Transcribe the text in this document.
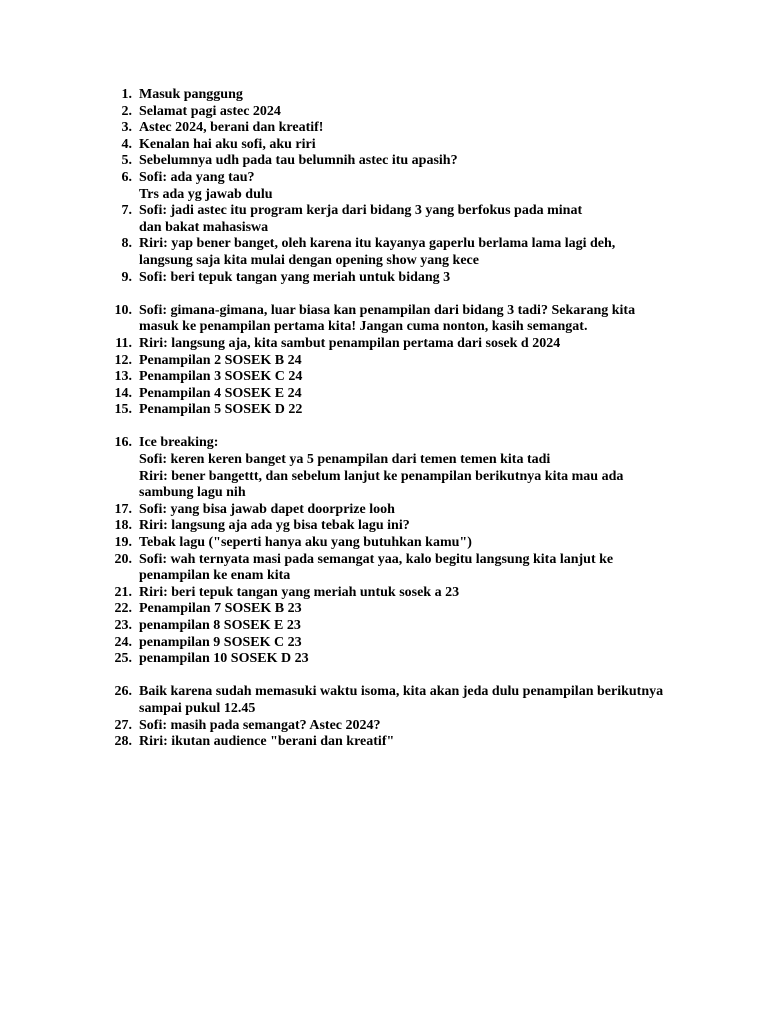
1. Masuk panggung
2. Selamat pagi astec 2024
3. Astec 2024, berani dan kreatif!
4. Kenalan hai aku sofi, aku riri
5. Sebelumnya udh pada tau belumnih astec itu apasih?
6. Sofi: ada yang tau?
Trs ada yg jawab dulu
7. Sofi: jadi astec itu program kerja dari bidang 3 yang berfokus pada minat
dan bakat mahasiswa
8. Riri: yap bener banget, oleh karena itu kayanya gaperlu berlama lama lagi deh,
langsung saja kita mulai dengan opening show yang kece
9. Sofi: beri tepuk tangan yang meriah untuk bidang 3
10. Sofi: gimana-gimana, luar biasa kan penampilan dari bidang 3 tadi? Sekarang kita
masuk ke penampilan pertama kita! Jangan cuma nonton, kasih semangat.
11. Riri: langsung aja, kita sambut penampilan pertama dari sosek d 2024
12. Penampilan 2 SOSEK B 24
13. Penampilan 3 SOSEK C 24
14. Penampilan 4 SOSEK E 24
15. Penampilan 5 SOSEK D 22
16. Ice breaking:
Sofi: keren keren banget ya 5 penampilan dari temen temen kita tadi
Riri: bener bangettt, dan sebelum lanjut ke penampilan berikutnya kita mau ada
sambung lagu nih
17. Sofi: yang bisa jawab dapet doorprize looh
18. Riri: langsung aja ada yg bisa tebak lagu ini?
19. Tebak lagu ("seperti hanya aku yang butuhkan kamu")
20. Sofi: wah ternyata masi pada semangat yaa, kalo begitu langsung kita lanjut ke
penampilan ke enam kita
21. Riri: beri tepuk tangan yang meriah untuk sosek a 23
22. Penampilan 7 SOSEK B 23
23. penampilan 8 SOSEK E 23
24. penampilan 9 SOSEK C 23
25. penampilan 10 SOSEK D 23
26. Baik karena sudah memasuki waktu isoma, kita akan jeda dulu penampilan berikutnya
sampai pukul 12.45
27. Sofi: masih pada semangat? Astec 2024?
28. Riri: ikutan audience "berani dan kreatif"
